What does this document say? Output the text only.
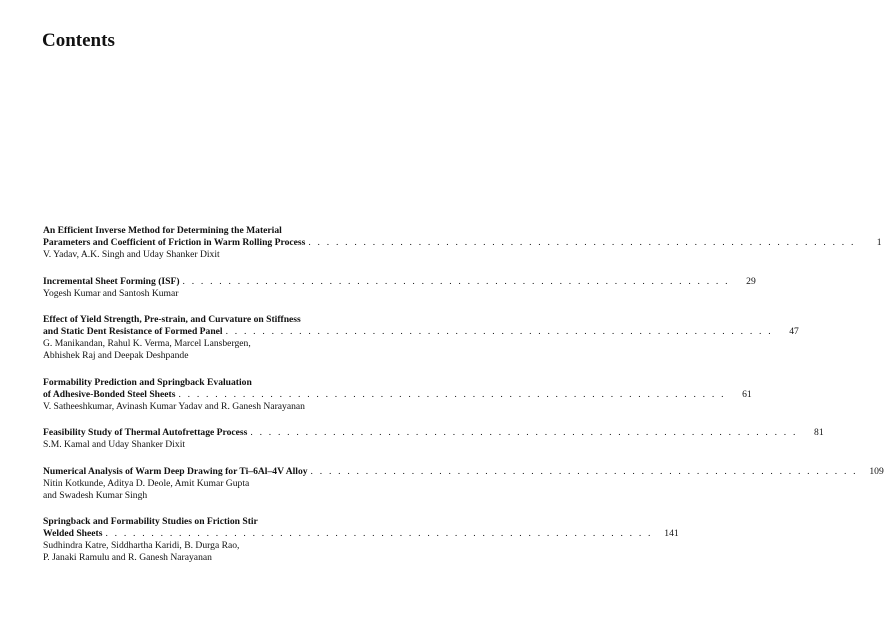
Contents
An Efficient Inverse Method for Determining the Material
Parameters and Coefficient of Friction in Warm Rolling Process . . . . . . . . . . . . . . . . . . . . . . . . . . . . . . . . . . . . . . . . . . . . . . . . . . . . . . . . . . . .	1
V. Yadav, A.K. Singh and Uday Shanker Dixit
Incremental Sheet Forming (ISF) . . . . . . . . . . . . . . . . . . . . . . . . . . . . . . . . . . . . . . . . . . . . . . . . . . . . . . . . . . . .	29
Yogesh Kumar and Santosh Kumar
Effect of Yield Strength, Pre-strain, and Curvature on Stiffness
and Static Dent Resistance of Formed Panel . . . . . . . . . . . . . . . . . . . . . . . . . . . . . . . . . . . . . . . . . . . . . . . . . . . . . . . . . . . .	47
G. Manikandan, Rahul K. Verma, Marcel Lansbergen,
Abhishek Raj and Deepak Deshpande
Formability Prediction and Springback Evaluation
of Adhesive-Bonded Steel Sheets . . . . . . . . . . . . . . . . . . . . . . . . . . . . . . . . . . . . . . . . . . . . . . . . . . . . . . . . . . . .	61
V. Satheeshkumar, Avinash Kumar Yadav and R. Ganesh Narayanan
Feasibility Study of Thermal Autofrettage Process . . . . . . . . . . . . . . . . . . . . . . . . . . . . . . . . . . . . . . . . . . . . . . . . . . . . . . . . . . . .	81
S.M. Kamal and Uday Shanker Dixit
Numerical Analysis of Warm Deep Drawing for Ti–6Al–4V Alloy . . . . . . . . . . . . . . . . . . . . . . . . . . . . . . . . . . . . . . . . . . . . . . . . . . . . . . . . . . . .	109
Nitin Kotkunde, Aditya D. Deole, Amit Kumar Gupta
and Swadesh Kumar Singh
Springback and Formability Studies on Friction Stir
Welded Sheets . . . . . . . . . . . . . . . . . . . . . . . . . . . . . . . . . . . . . . . . . . . . . . . . . . . . . . . . . . . .	141
Sudhindra Katre, Siddhartha Karidi, B. Durga Rao,
P. Janaki Ramulu and R. Ganesh Narayanan
